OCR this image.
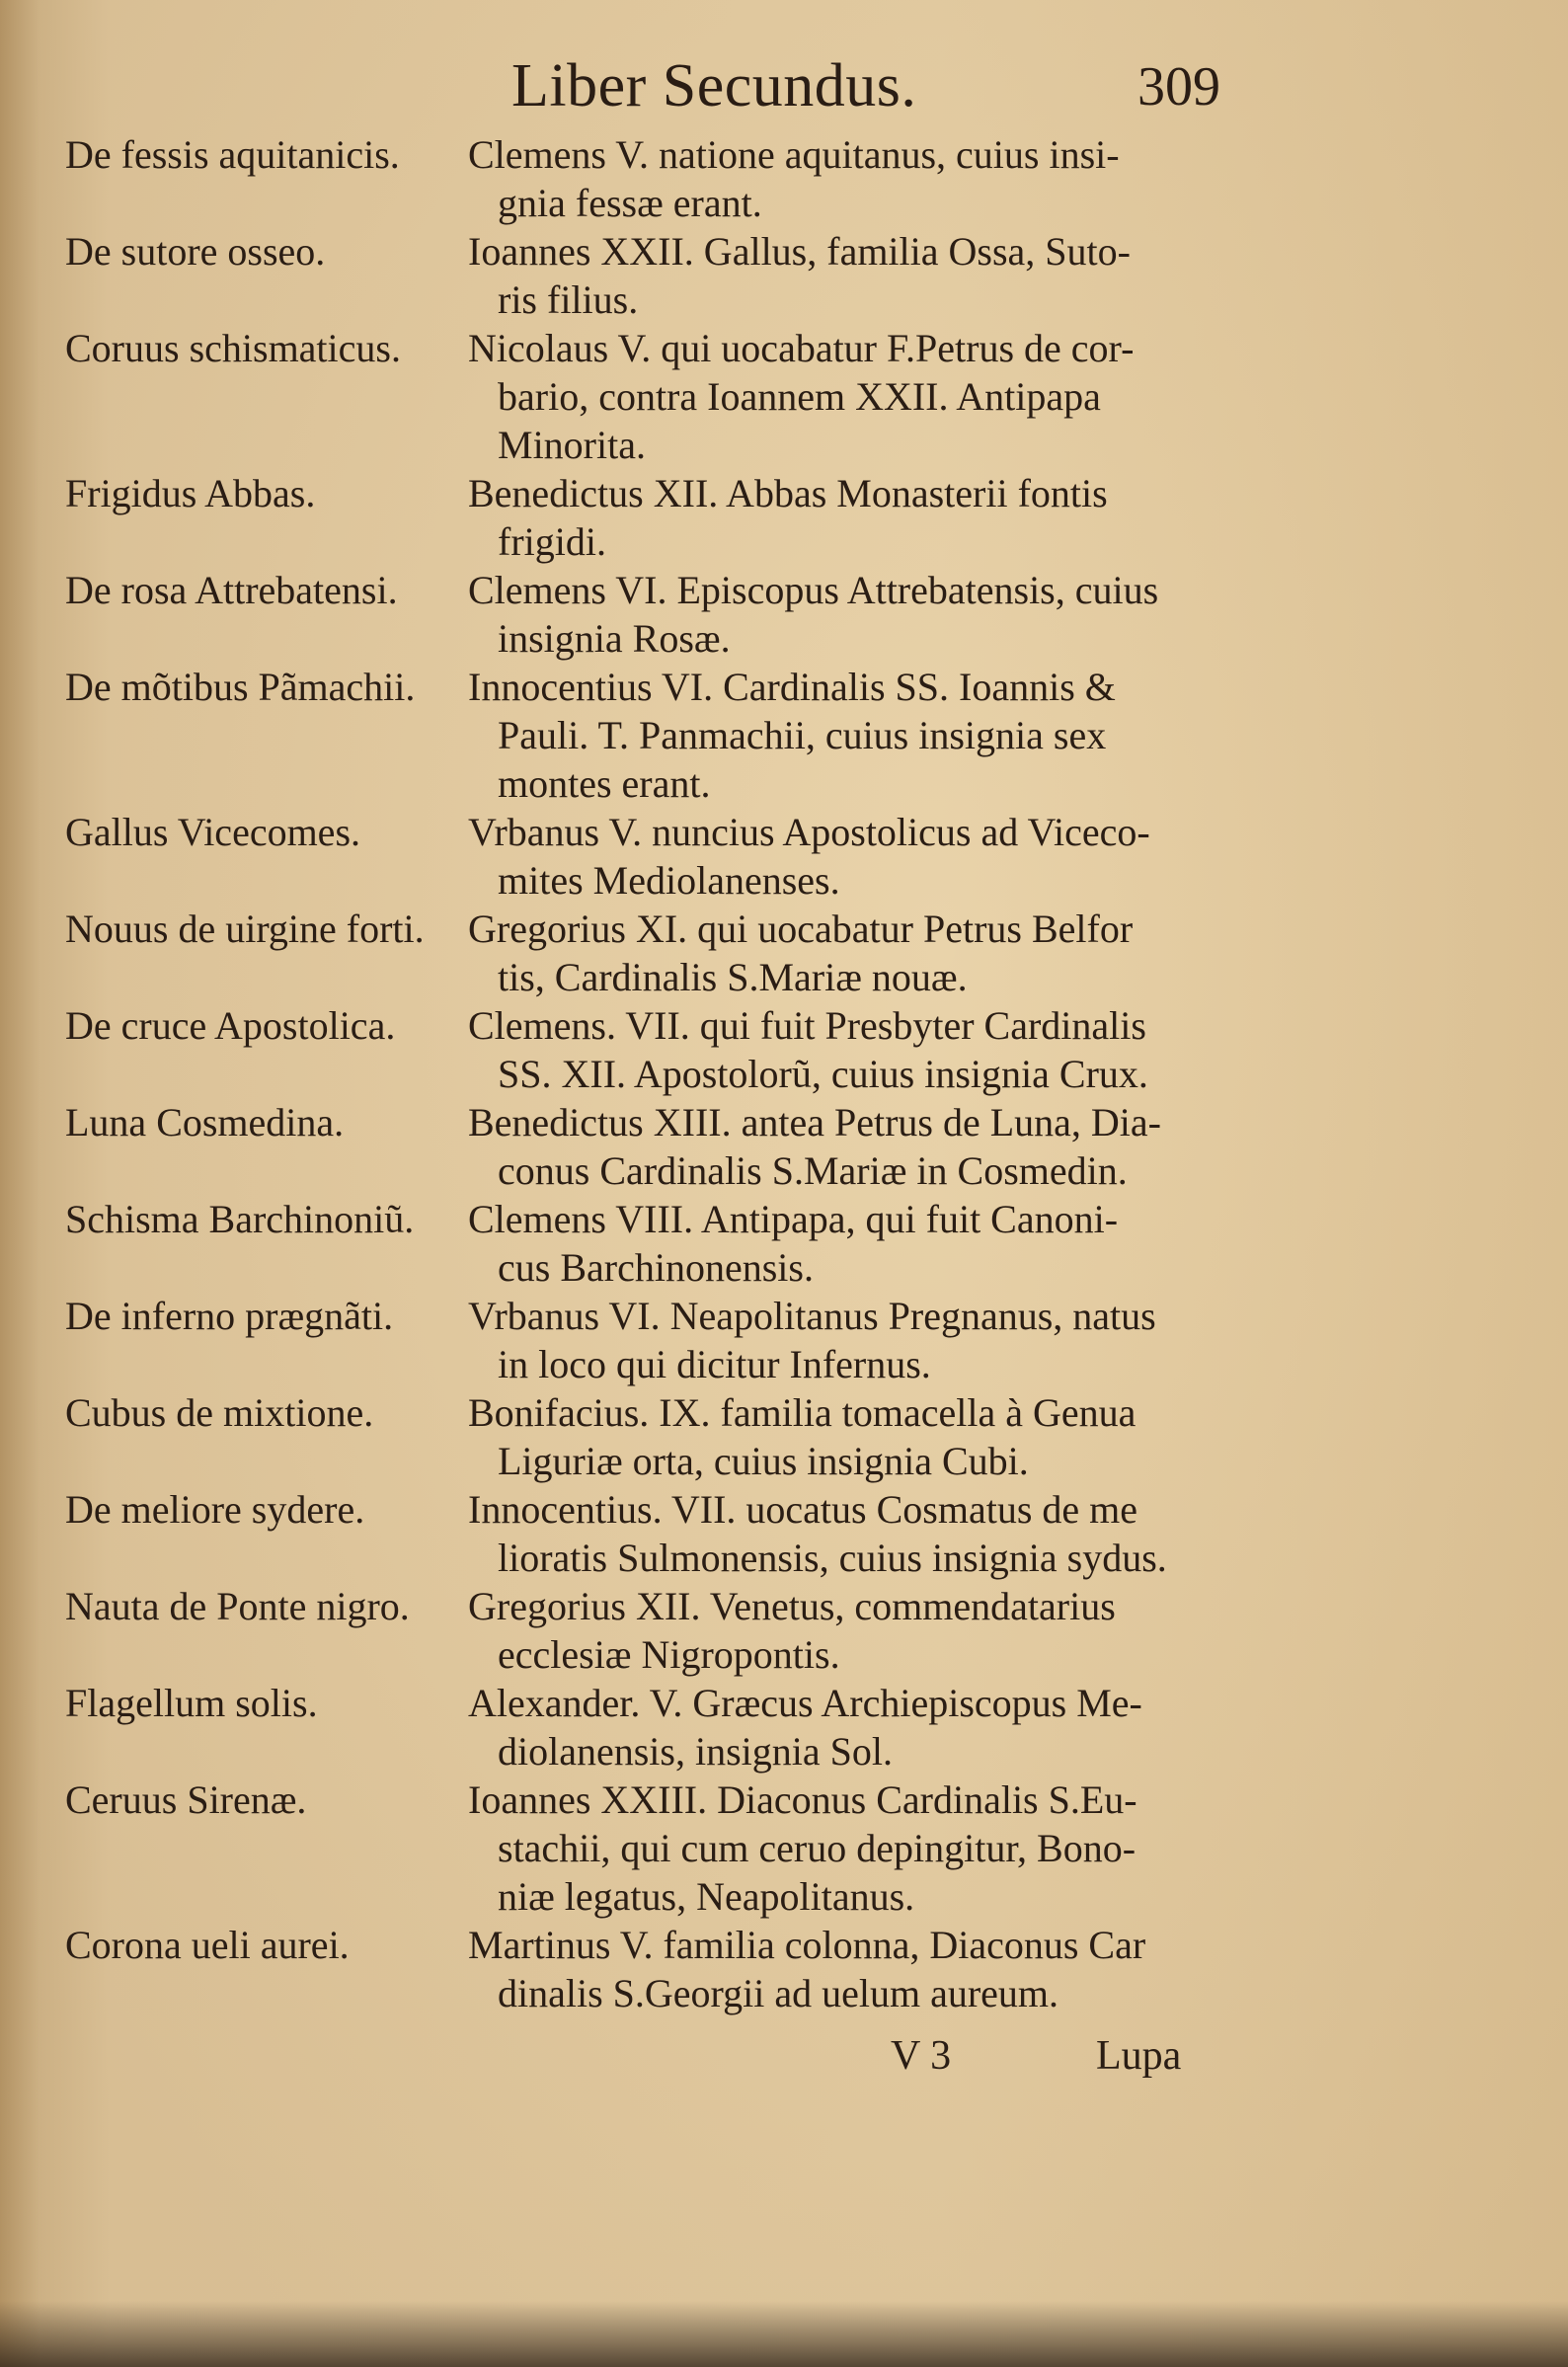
Liber Secundus.	309
De fessis aquitanicis.	Clemens V. natione aquitanus, cuius insi-
gnia fessæ erant.
De sutore osseo.	Ioannes XXII. Gallus, familia Ossa, Suto-
ris filius.
Coruus schismaticus.	Nicolaus V. qui uocabatur F.Petrus de cor-
bario, contra Ioannem XXII. Antipapa
Minorita.
Frigidus Abbas.	Benedictus XII. Abbas Monasterii fontis
frigidi.
De rosa Attrebatensi.	Clemens VI. Episcopus Attrebatensis, cuius
insignia Rosæ.
De mõtibus Pãmachii.	Innocentius VI. Cardinalis SS. Ioannis &
Pauli. T. Panmachii, cuius insignia sex
montes erant.
Gallus Vicecomes.	Vrbanus V. nuncius Apostolicus ad Viceco-
mites Mediolanenses.
Nouus de uirgine forti.	Gregorius XI. qui uocabatur Petrus Belfor
tis, Cardinalis S.Mariæ nouæ.
De cruce Apostolica.	Clemens. VII. qui fuit Presbyter Cardinalis
SS. XII. Apostolorũ, cuius insignia Crux.
Luna Cosmedina.	Benedictus XIII. antea Petrus de Luna, Dia-
conus Cardinalis S.Mariæ in Cosmedin.
Schisma Barchinoniũ.	Clemens VIII. Antipapa, qui fuit Canoni-
cus Barchinonensis.
De inferno prægnãti.	Vrbanus VI. Neapolitanus Pregnanus, natus
in loco qui dicitur Infernus.
Cubus de mixtione.	Bonifacius. IX. familia tomacella à Genua
Liguriæ orta, cuius insignia Cubi.
De meliore sydere.	Innocentius. VII. uocatus Cosmatus de me
lioratis Sulmonensis, cuius insignia sydus.
Nauta de Ponte nigro.	Gregorius XII. Venetus, commendatarius
ecclesiæ Nigropontis.
Flagellum solis.	Alexander. V. Græcus Archiepiscopus Me-
diolanensis, insignia Sol.
Ceruus Sirenæ.	Ioannes XXIII. Diaconus Cardinalis S.Eu-
stachii, qui cum ceruo depingitur, Bono-
niæ legatus, Neapolitanus.
Corona ueli aurei.	Martinus V. familia colonna, Diaconus Car
dinalis S.Georgii ad uelum aureum.
V 3	Lupa
